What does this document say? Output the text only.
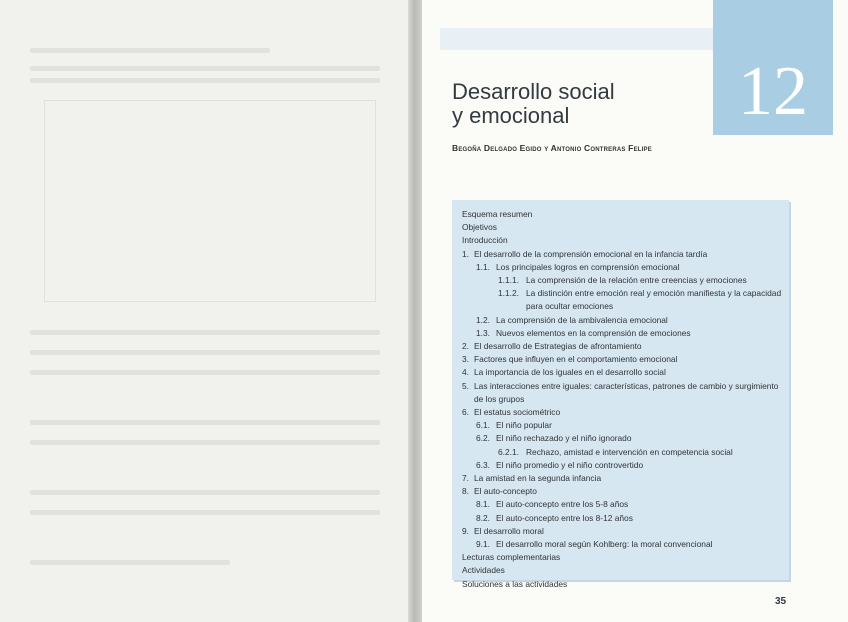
12
Desarrollo social
y emocional
Begoña Delgado Egido y Antonio Contreras Felipe
Esquema resumen
Objetivos
Introducción
1. El desarrollo de la comprensión emocional en la infancia tardía
1.1. Los principales logros en comprensión emocional
1.1.1. La comprensión de la relación entre creencias y emociones
1.1.2. La distinción entre emoción real y emoción manifiesta y la capacidad para ocultar emociones
1.2. La comprensión de la ambivalencia emocional
1.3. Nuevos elementos en la comprensión de emociones
2. El desarrollo de Estrategias de afrontamiento
3. Factores que influyen en el comportamiento emocional
4. La importancia de los iguales en el desarrollo social
5. Las interacciones entre iguales: características, patrones de cambio y surgimiento de los grupos
6. El estatus sociométrico
6.1. El niño popular
6.2. El niño rechazado y el niño ignorado
6.2.1. Rechazo, amistad e intervención en competencia social
6.3. El niño promedio y el niño controvertido
7. La amistad en la segunda infancia
8. El auto-concepto
8.1. El auto-concepto entre los 5-8 años
8.2. El auto-concepto entre los 8-12 años
9. El desarrollo moral
9.1. El desarrollo moral según Kohlberg: la moral convencional
Lecturas complementarias
Actividades
Soluciones a las actividades
35
